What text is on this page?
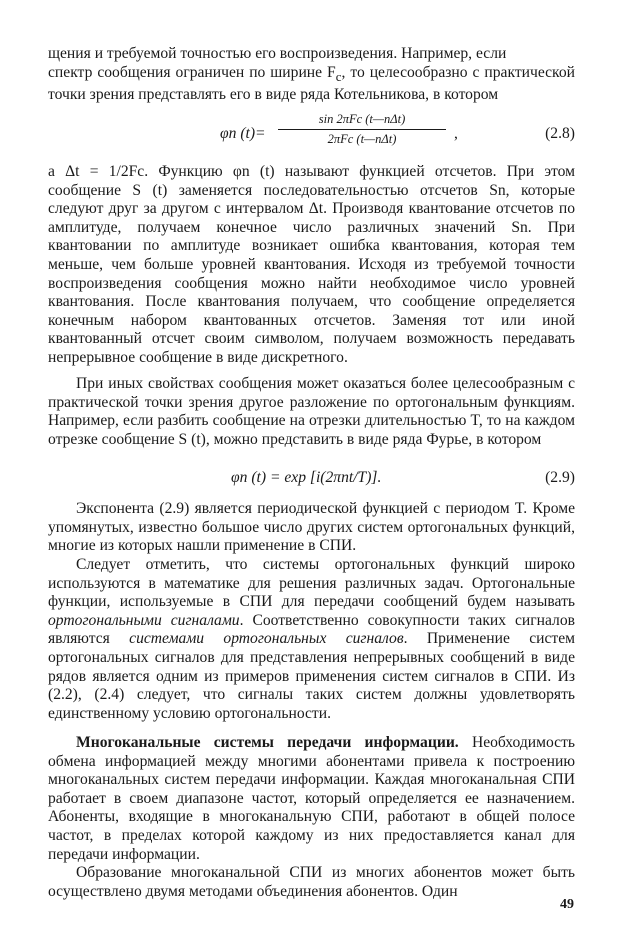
щения и требуемой точностью его воспроизведения. Например, если
спектр сообщения ограничен по ширине $F_с$, то целесообразно с практической точки зрения представлять его в виде ряда Котельникова, в котором

φn (t)=
sin 2πFс (t—nΔt)
2πFс (t—nΔt)	,	(2.8)

а Δt = 1/2Fс. Функцию φn (t) называют функцией отсчетов. При этом сообщение S (t) заменяется последовательностью отсчетов Sn, которые следуют друг за другом с интервалом Δt. Производя квантование отсчетов по амплитуде, получаем конечное число различных значений Sn. При квантовании по амплитуде возникает ошибка квантования, которая тем меньше, чем больше уровней квантования. Исходя из требуемой точности воспроизведения сообщения можно найти необходимое число уровней квантования. После квантования получаем, что сообщение определяется конечным набором квантованных отсчетов. Заменяя тот или иной квантованный отсчет своим символом, получаем возможность передавать непрерывное сообщение в виде дискретного.

При иных свойствах сообщения может оказаться более целесообразным с практической точки зрения другое разложение по ортогональным функциям. Например, если разбить сообщение на отрезки длительностью T, то на каждом отрезке сообщение S (t), можно представить в виде ряда Фурье, в котором

φn (t) = exp [i(2πnt/T)].	(2.9)

Экспонента (2.9) является периодической функцией с периодом T. Кроме упомянутых, известно большое число других систем ортогональных функций, многие из которых нашли применение в СПИ.

Следует отметить, что системы ортогональных функций широко используются в математике для решения различных задач. Ортогональные функции, используемые в СПИ для передачи сообщений будем называть ортогональными сигналами. Соответственно совокупности таких сигналов являются системами ортогональных сигналов. Применение систем ортогональных сигналов для представления непрерывных сообщений в виде рядов является одним из примеров применения систем сигналов в СПИ. Из (2.2), (2.4) следует, что сигналы таких систем должны удовлетворять единственному условию ортогональности.

Многоканальные системы передачи информации. Необходимость обмена информацией между многими абонентами привела к построению многоканальных систем передачи информации. Каждая многоканальная СПИ работает в своем диапазоне частот, который определяется ее назначением. Абоненты, входящие в многоканальную СПИ, работают в общей полосе частот, в пределах которой каждому из них предоставляется канал для передачи информации.

Образование многоканальной СПИ из многих абонентов может быть осуществлено двумя методами объединения абонентов. Один

49
